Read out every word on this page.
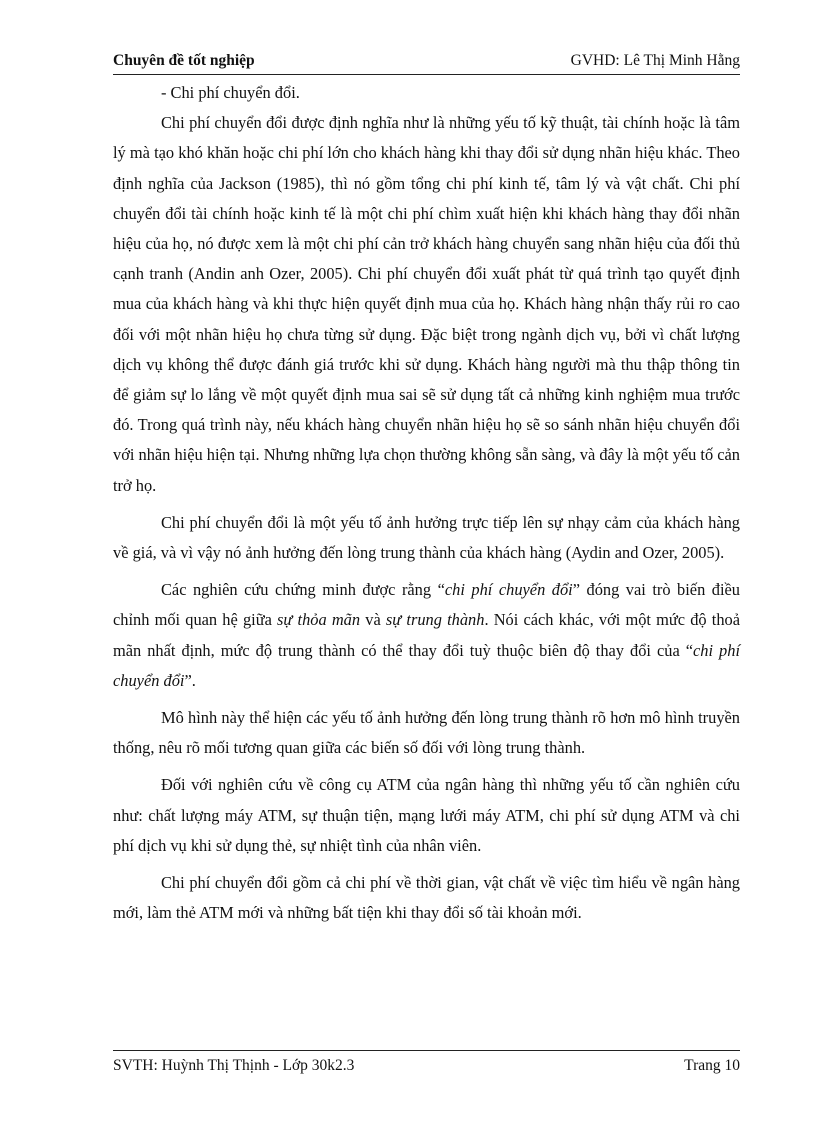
Chuyên đề tốt nghiệp	GVHD: Lê Thị Minh Hằng

- Chi phí chuyển đổi.

Chi phí chuyển đổi được định nghĩa như là những yếu tố kỹ thuật, tài chính hoặc là tâm lý mà tạo khó khăn hoặc chi phí lớn cho khách hàng khi thay đổi sử dụng nhãn hiệu khác. Theo định nghĩa của Jackson (1985), thì nó gồm tổng chi phí kinh tế, tâm lý và vật chất. Chi phí chuyển đổi tài chính hoặc kinh tế là một chi phí chìm xuất hiện khi khách hàng thay đổi nhãn hiệu của họ, nó được xem là một chi phí cản trở khách hàng chuyển sang nhãn hiệu của đối thủ cạnh tranh (Andin anh Ozer, 2005). Chi phí chuyển đổi xuất phát từ quá trình tạo quyết định mua của khách hàng và khi thực hiện quyết định mua của họ. Khách hàng nhận thấy rủi ro cao đối với một nhãn hiệu họ chưa từng sử dụng. Đặc biệt trong ngành dịch vụ, bởi vì chất lượng dịch vụ không thể được đánh giá trước khi sử dụng. Khách hàng người mà thu thập thông tin để giảm sự lo lắng về một quyết định mua sai sẽ sử dụng tất cả những kinh nghiệm mua trước đó. Trong quá trình này, nếu khách hàng chuyển nhãn hiệu họ sẽ so sánh nhãn hiệu chuyển đổi với nhãn hiệu hiện tại. Nhưng những lựa chọn thường không sẵn sàng, và đây là một yếu tố cản trở họ.

Chi phí chuyển đổi là một yếu tố ảnh hưởng trực tiếp lên sự nhạy cảm của khách hàng về giá, và vì vậy nó ảnh hưởng đến lòng trung thành của khách hàng (Aydin and Ozer, 2005).

Các nghiên cứu chứng minh được rằng “chi phí chuyển đổi” đóng vai trò biến điều chỉnh mối quan hệ giữa sự thỏa mãn và sự trung thành. Nói cách khác, với một mức độ thoả mãn nhất định, mức độ trung thành có thể thay đổi tuỳ thuộc biên độ thay đổi của “chi phí chuyển đổi”.

Mô hình này thể hiện các yếu tố ảnh hưởng đến lòng trung thành rõ hơn mô hình truyền thống, nêu rõ mối tương quan giữa các biến số đối với lòng trung thành.

Đối với nghiên cứu về công cụ ATM của ngân hàng thì những yếu tố cần nghiên cứu như: chất lượng máy ATM, sự thuận tiện, mạng lưới máy ATM, chi phí sử dụng ATM và chi phí dịch vụ khi sử dụng thẻ, sự nhiệt tình của nhân viên.

Chi phí chuyển đổi gồm cả chi phí về thời gian, vật chất về việc tìm hiểu về ngân hàng mới, làm thẻ ATM mới và những bất tiện khi thay đổi số tài khoản mới.

SVTH: Huỳnh Thị Thịnh - Lớp 30k2.3	Trang 10
